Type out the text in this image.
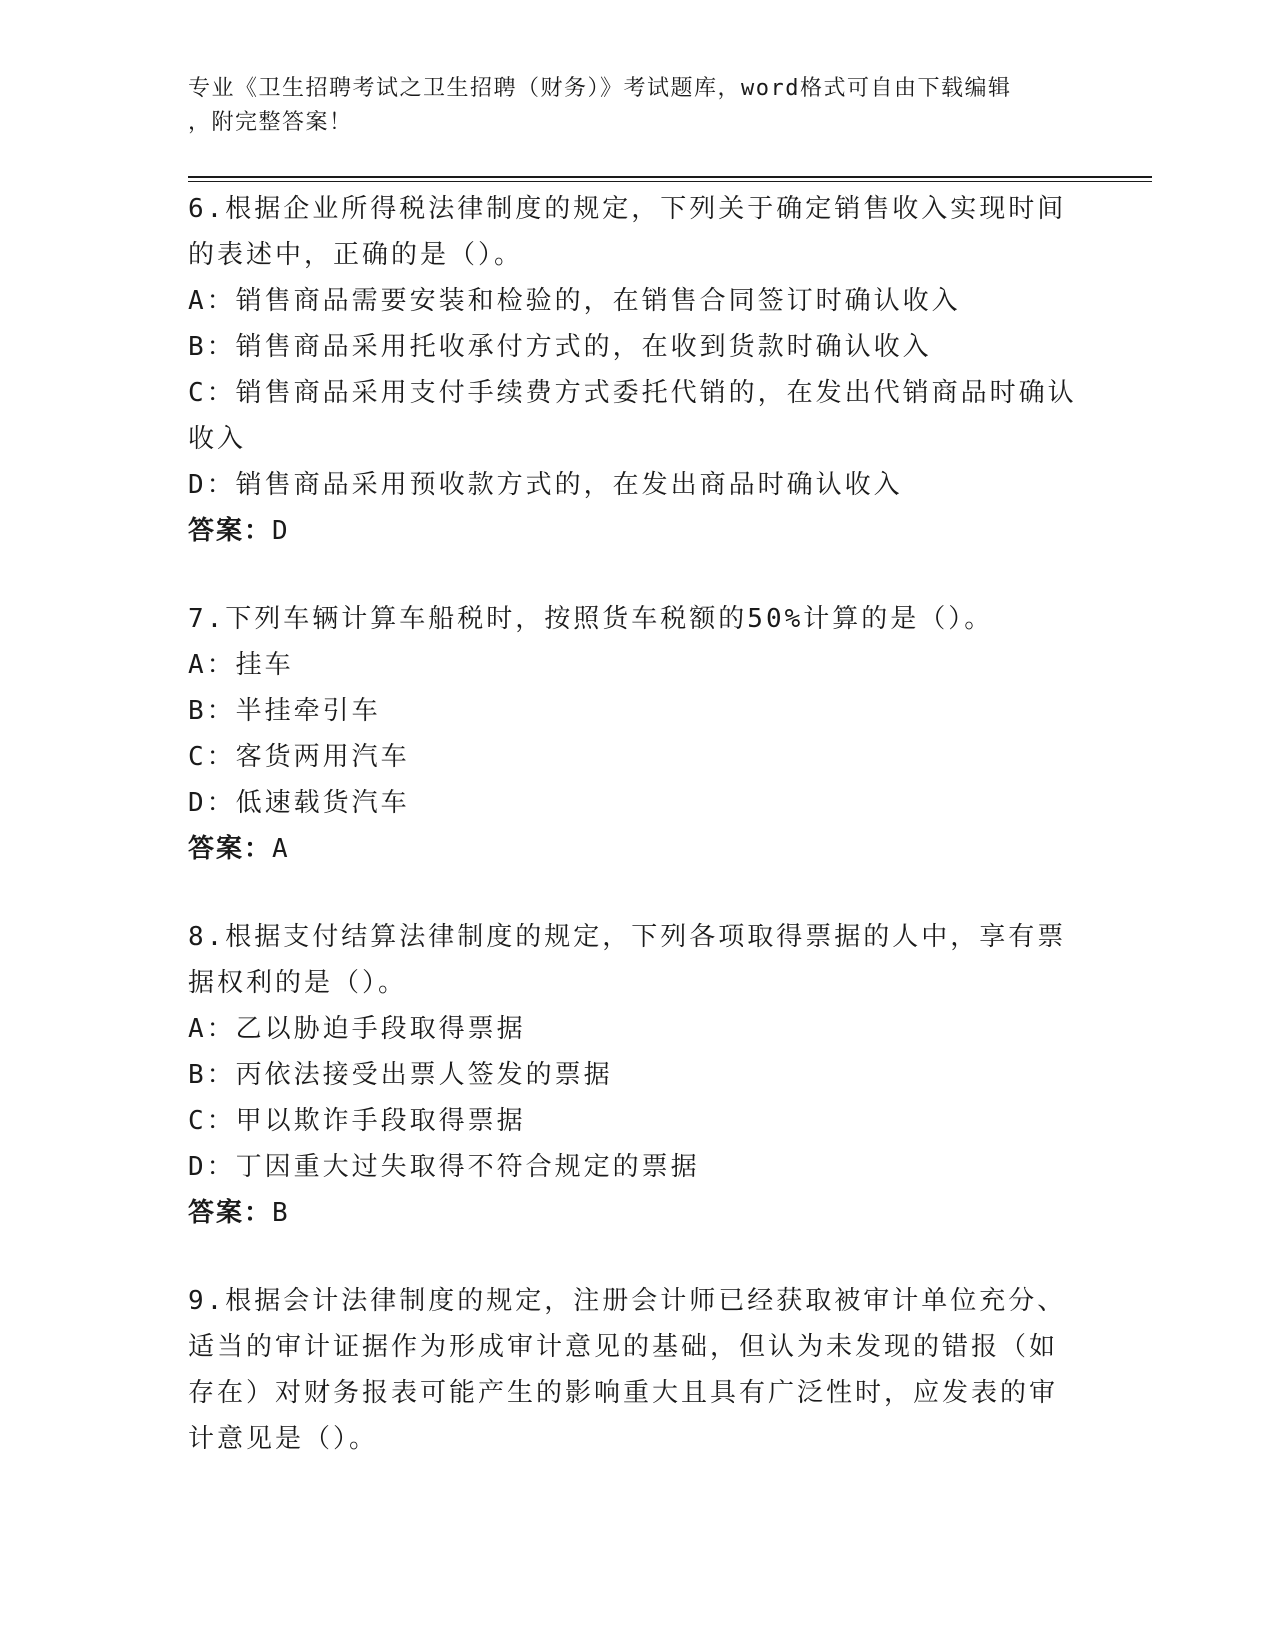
专业《卫生招聘考试之卫生招聘（财务）》考试题库，word格式可自由下载编辑
，附完整答案！
6.根据企业所得税法律制度的规定，下列关于确定销售收入实现时间
的表述中，正确的是（）。
A：销售商品需要安装和检验的，在销售合同签订时确认收入
B：销售商品采用托收承付方式的，在收到货款时确认收入
C：销售商品采用支付手续费方式委托代销的，在发出代销商品时确认
收入
D：销售商品采用预收款方式的，在发出商品时确认收入
答案：D
7.下列车辆计算车船税时，按照货车税额的50%计算的是（）。
A：挂车
B：半挂牵引车
C：客货两用汽车
D：低速载货汽车
答案：A
8.根据支付结算法律制度的规定，下列各项取得票据的人中，享有票
据权利的是（）。
A：乙以胁迫手段取得票据
B：丙依法接受出票人签发的票据
C：甲以欺诈手段取得票据
D：丁因重大过失取得不符合规定的票据
答案：B
9.根据会计法律制度的规定，注册会计师已经获取被审计单位充分、
适当的审计证据作为形成审计意见的基础，但认为未发现的错报（如
存在）对财务报表可能产生的影响重大且具有广泛性时，应发表的审
计意见是（）。
